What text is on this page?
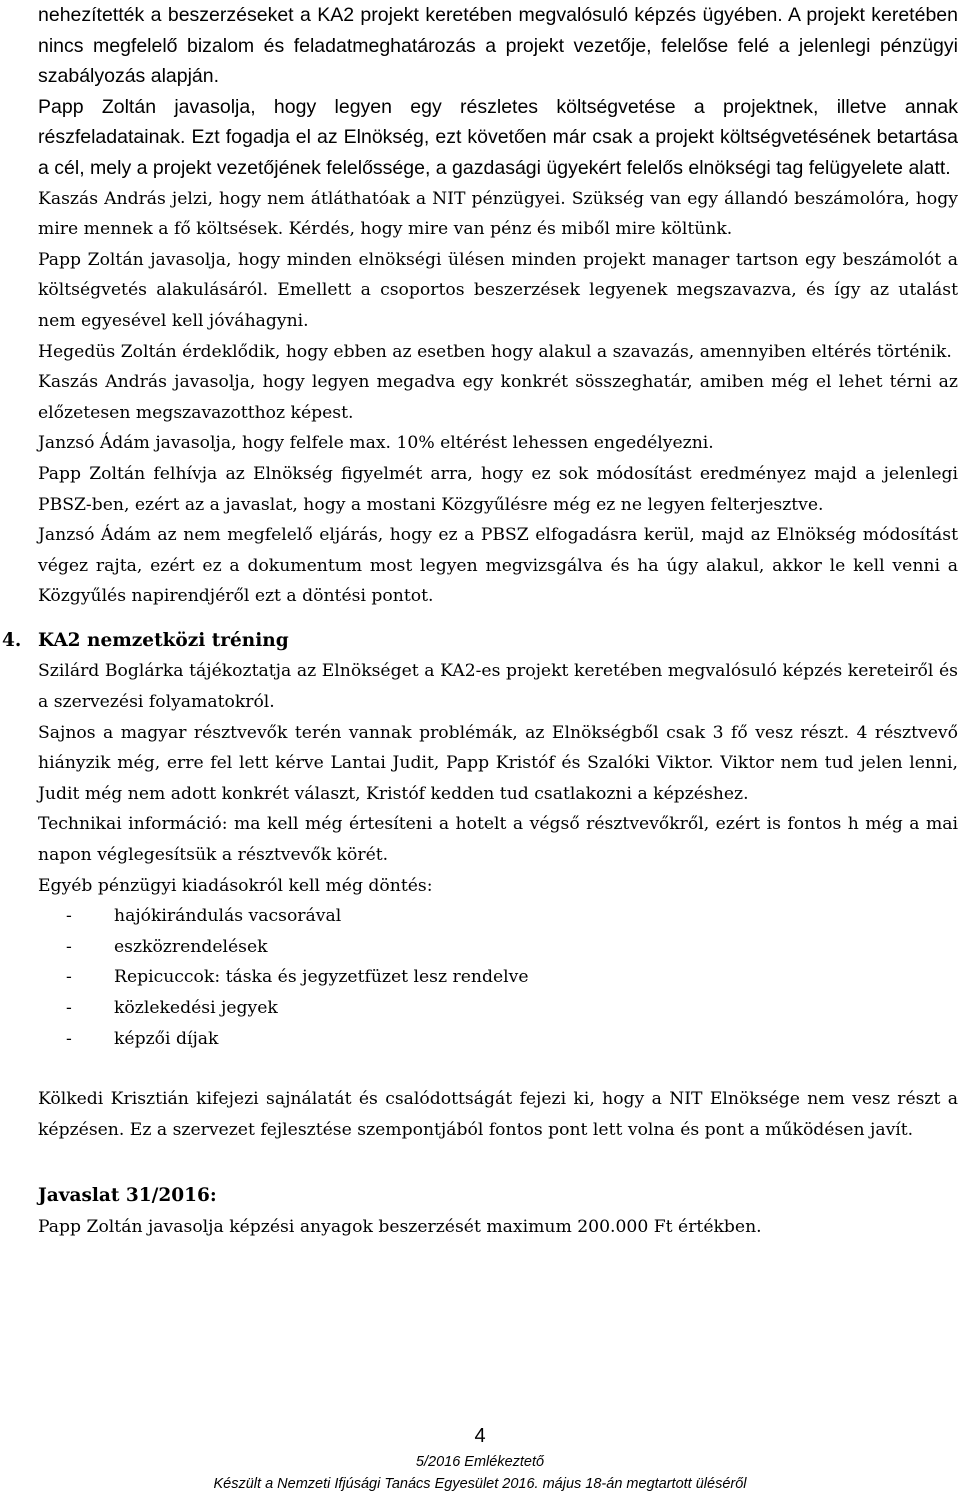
nehezítették a beszerzéseket a KA2 projekt keretében megvalósuló képzés ügyében. A projekt keretében nincs megfelelő bizalom és feladatmeghatározás a projekt vezetője, felelőse felé a jelenlegi pénzügyi szabályozás alapján.

Papp Zoltán javasolja, hogy legyen egy részletes költségvetése a projektnek, illetve annak részfeladatainak. Ezt fogadja el az Elnökség, ezt követően már csak a projekt költségvetésének betartása a cél, mely a projekt vezetőjének felelőssége, a gazdasági ügyekért felelős elnökségi tag felügyelete alatt.

Kaszás András jelzi, hogy nem átláthatóak a NIT pénzügyei. Szükség van egy állandó beszámolóra, hogy mire mennek a fő költsések. Kérdés, hogy mire van pénz és miből mire költünk.

Papp Zoltán javasolja, hogy minden elnökségi ülésen minden projekt manager tartson egy beszámolót a költségvetés alakulásáról. Emellett a csoportos beszerzések legyenek megszavazva, és így az utalást nem egyesével kell jóváhagyni.

Hegedüs Zoltán érdeklődik, hogy ebben az esetben hogy alakul a szavazás, amennyiben eltérés történik.

Kaszás András javasolja, hogy legyen megadva egy konkrét sösszeghatár, amiben még el lehet térni az előzetesen megszavazotthoz képest.

Janzsó Ádám javasolja, hogy felfele max. 10% eltérést lehessen engedélyezni.

Papp Zoltán felhívja az Elnökség figyelmét arra, hogy ez sok módosítást eredményez majd a jelenlegi PBSZ-ben, ezért az a javaslat, hogy a mostani Közgyűlésre még ez ne legyen felterjesztve.

Janzsó Ádám az nem megfelelő eljárás, hogy ez a PBSZ elfogadásra kerül, majd az Elnökség módosítást végez rajta, ezért ez a dokumentum most legyen megvizsgálva és ha úgy alakul, akkor le kell venni a Közgyűlés napirendjéről ezt a döntési pontot.

4. KA2 nemzetközi tréning

Szilárd Boglárka tájékoztatja az Elnökséget a KA2-es projekt keretében megvalósuló képzés kereteiről és a szervezési folyamatokról.

Sajnos a magyar résztvevők terén vannak problémák, az Elnökségből csak 3 fő vesz részt. 4 résztvevő hiányzik még, erre fel lett kérve Lantai Judit, Papp Kristóf és Szalóki Viktor. Viktor nem tud jelen lenni, Judit még nem adott konkrét választ, Kristóf kedden tud csatlakozni a képzéshez.

Technikai információ: ma kell még értesíteni a hotelt a végső résztvevőkről, ezért is fontos h még a mai napon véglegesítsük a résztvevők körét.

Egyéb pénzügyi kiadásokról kell még döntés:

- hajókirándulás vacsorával
- eszközrendelések
- Repicuccok: táska és jegyzetfüzet lesz rendelve
- közlekedési jegyek
- képzői díjak

Kölkedi Krisztián kifejezi sajnálatát és csalódottságát fejezi ki, hogy a NIT Elnöksége nem vesz részt a képzésen. Ez a szervezet fejlesztése szempontjából fontos pont lett volna és pont a működésen javít.

Javaslat 31/2016:

Papp Zoltán javasolja képzési anyagok beszerzését maximum 200.000 Ft értékben.

4
5/2016 Emlékeztető
Készült a Nemzeti Ifjúsági Tanács Egyesület 2016. május 18-án megtartott üléséről
